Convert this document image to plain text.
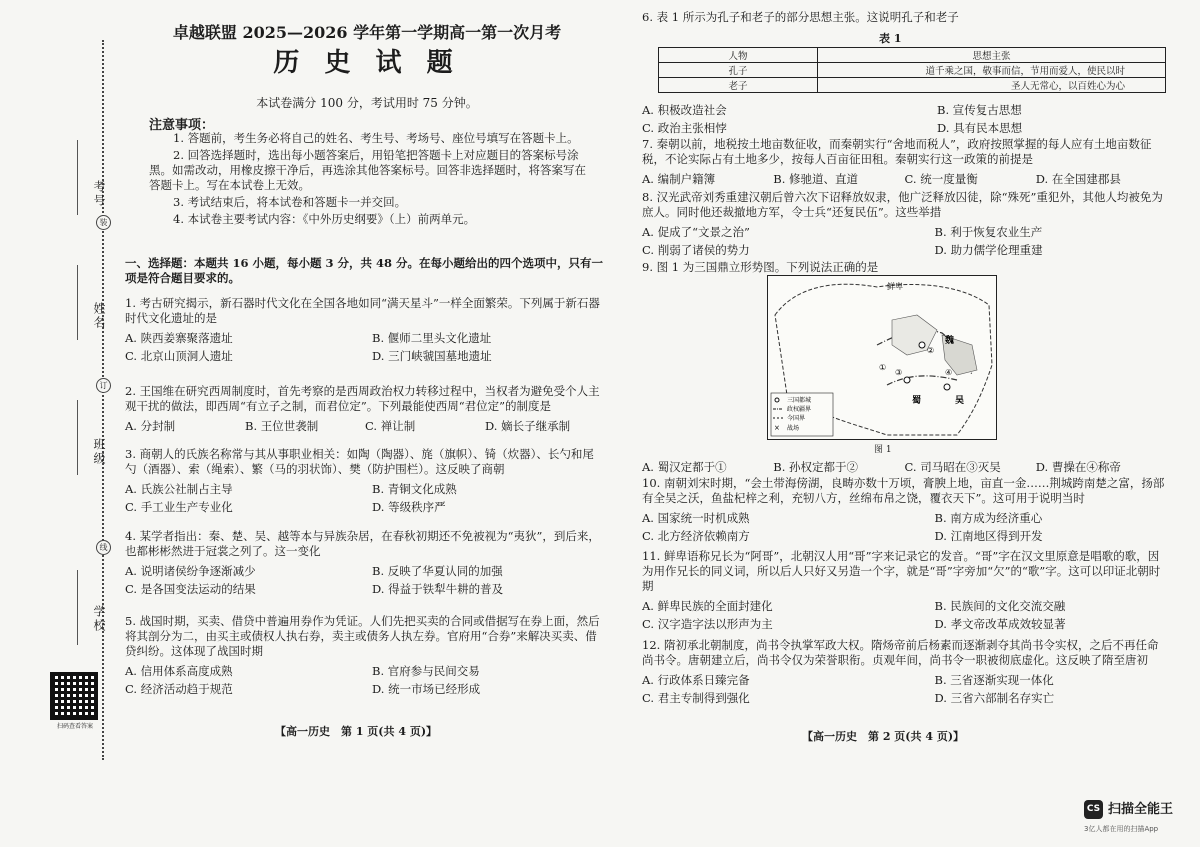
考号
装
姓名
订
班级
线
学校
扫码查看答案
卓越联盟 2025—2026 学年第一学期高一第一次月考
历 史 试 题
本试卷满分 100 分，考试用时 75 分钟。
注意事项：

1. 答题前，考生务必将自己的姓名、考生号、考场号、座位号填写在答题卡上。

2. 回答选择题时，选出每小题答案后，用铅笔把答题卡上对应题目的答案标号涂黑。如需改动，用橡皮擦干净后，再选涂其他答案标号。回答非选择题时，将答案写在答题卡上。写在本试卷上无效。

3. 考试结束后，将本试卷和答题卡一并交回。

4. 本试卷主要考试内容：《中外历史纲要》（上）前两单元。

一、选择题：本题共 16 小题，每小题 3 分，共 48 分。在每小题给出的四个选项中，只有一项是符合题目要求的。

1. 考古研究揭示，新石器时代文化在全国各地如同“满天星斗”一样全面繁荣。下列属于新石器时代文化遗址的是

A. 陕西姜寨聚落遗址	B. 偃师二里头文化遗址
C. 北京山顶洞人遗址	D. 三门峡虢国墓地遗址

2. 王国维在研究西周制度时，首先考察的是西周政治权力转移过程中，当权者为避免受个人主观干扰的做法，即西周“有立子之制，而君位定”。下列最能使西周“君位定”的制度是

A. 分封制	B. 王位世袭制	C. 禅让制	D. 嫡长子继承制

3. 商朝人的氏族名称常与其从事职业相关：如陶（陶器）、旄（旗帜）、锜（炊器）、长勺和尾勺（酒器）、索（绳索）、繁（马的羽状饰）、樊（防护围栏）。这反映了商朝

A. 氏族公社制占主导	B. 青铜文化成熟
C. 手工业生产专业化	D. 等级秩序严

4. 某学者指出：秦、楚、吴、越等本与异族杂居，在春秋初期还不免被视为“夷狄”，到后来，也都彬彬然进于冠裳之列了。这一变化

A. 说明诸侯纷争逐渐减少	B. 反映了华夏认同的加强
C. 是各国变法运动的结果	D. 得益于铁犁牛耕的普及

5. 战国时期，买卖、借贷中普遍用券作为凭证。人们先把买卖的合同或借据写在券上面，然后将其剖分为二，由买主或债权人执右券，卖主或债务人执左券。官府用“合券”来解决买卖、借贷纠纷。这体现了战国时期

A. 信用体系高度成熟	B. 官府参与民间交易
C. 经济活动趋于规范	D. 统一市场已经形成
【高一历史　第 1 页(共 4 页)】

6. 表 1 所示为孔子和老子的部分思想主张。这说明孔子和老子

表 1
人物	思想主张
孔子	道千乘之国，敬事而信，节用而爱人，使民以时
老子	圣人无常心，以百姓心为心
A. 积极改造社会	B. 宣传复古思想
C. 政治主张相悖	D. 具有民本思想

7. 秦朝以前，地税按土地亩数征收，而秦朝实行“舍地而税人”，政府按照掌握的每人应有土地亩数征税，不论实际占有土地多少，按每人百亩征田租。秦朝实行这一政策的前提是

A. 编制户籍簿	B. 修驰道、直道	C. 统一度量衡	D. 在全国建郡县

8. 汉光武帝刘秀重建汉朝后曾六次下诏释放奴隶，他广泛释放囚徒，除“殊死”重犯外，其他人均被免为庶人。同时他还裁撤地方军，令士兵“还复民伍”。这些举措

A. 促成了“文景之治”	B. 利于恢复农业生产
C. 削弱了诸侯的势力	D. 助力儒学伦理重建

9. 图 1 为三国鼎立形势图。下列说法正确的是

鲜卑
魏
蜀	吴
①
②
③	④
×
三国都城
政权疆界
今国界
战场
图 1
A. 蜀汉定都于①	B. 孙权定都于②	C. 司马昭在③灭吴	D. 曹操在④称帝

10. 南朝刘宋时期，“会土带海傍湖，良畴亦数十万顷，膏腴上地，亩直一金……荆城跨南楚之富，扬部有全吴之沃，鱼盐杞梓之利，充牣八方，丝绵布帛之饶，覆衣天下”。这可用于说明当时

A. 国家统一时机成熟	B. 南方成为经济重心
C. 北方经济依赖南方	D. 江南地区得到开发

11. 鲜卑语称兄长为“阿哥”，北朝汉人用“哥”字来记录它的发音。“哥”字在汉文里原意是唱歌的歌，因为用作兄长的同义词，所以后人只好又另造一个字，就是“哥”字旁加“欠”的“歌”字。这可以印证北朝时期

A. 鲜卑民族的全面封建化	B. 民族间的文化交流交融
C. 汉字造字法以形声为主	D. 孝文帝改革成效较显著

12. 隋初承北朝制度，尚书令执掌军政大权。隋炀帝前后杨素而逐渐剥夺其尚书令实权，之后不再任命尚书令。唐朝建立后，尚书令仅为荣誉职衔。贞观年间，尚书令一职被彻底虚化。这反映了隋至唐初

A. 行政体系日臻完备	B. 三省逐渐实现一体化
C. 君主专制得到强化	D. 三省六部制名存实亡
【高一历史　第 2 页(共 4 页)】
CS 扫描全能王
3亿人都在用的扫描App
